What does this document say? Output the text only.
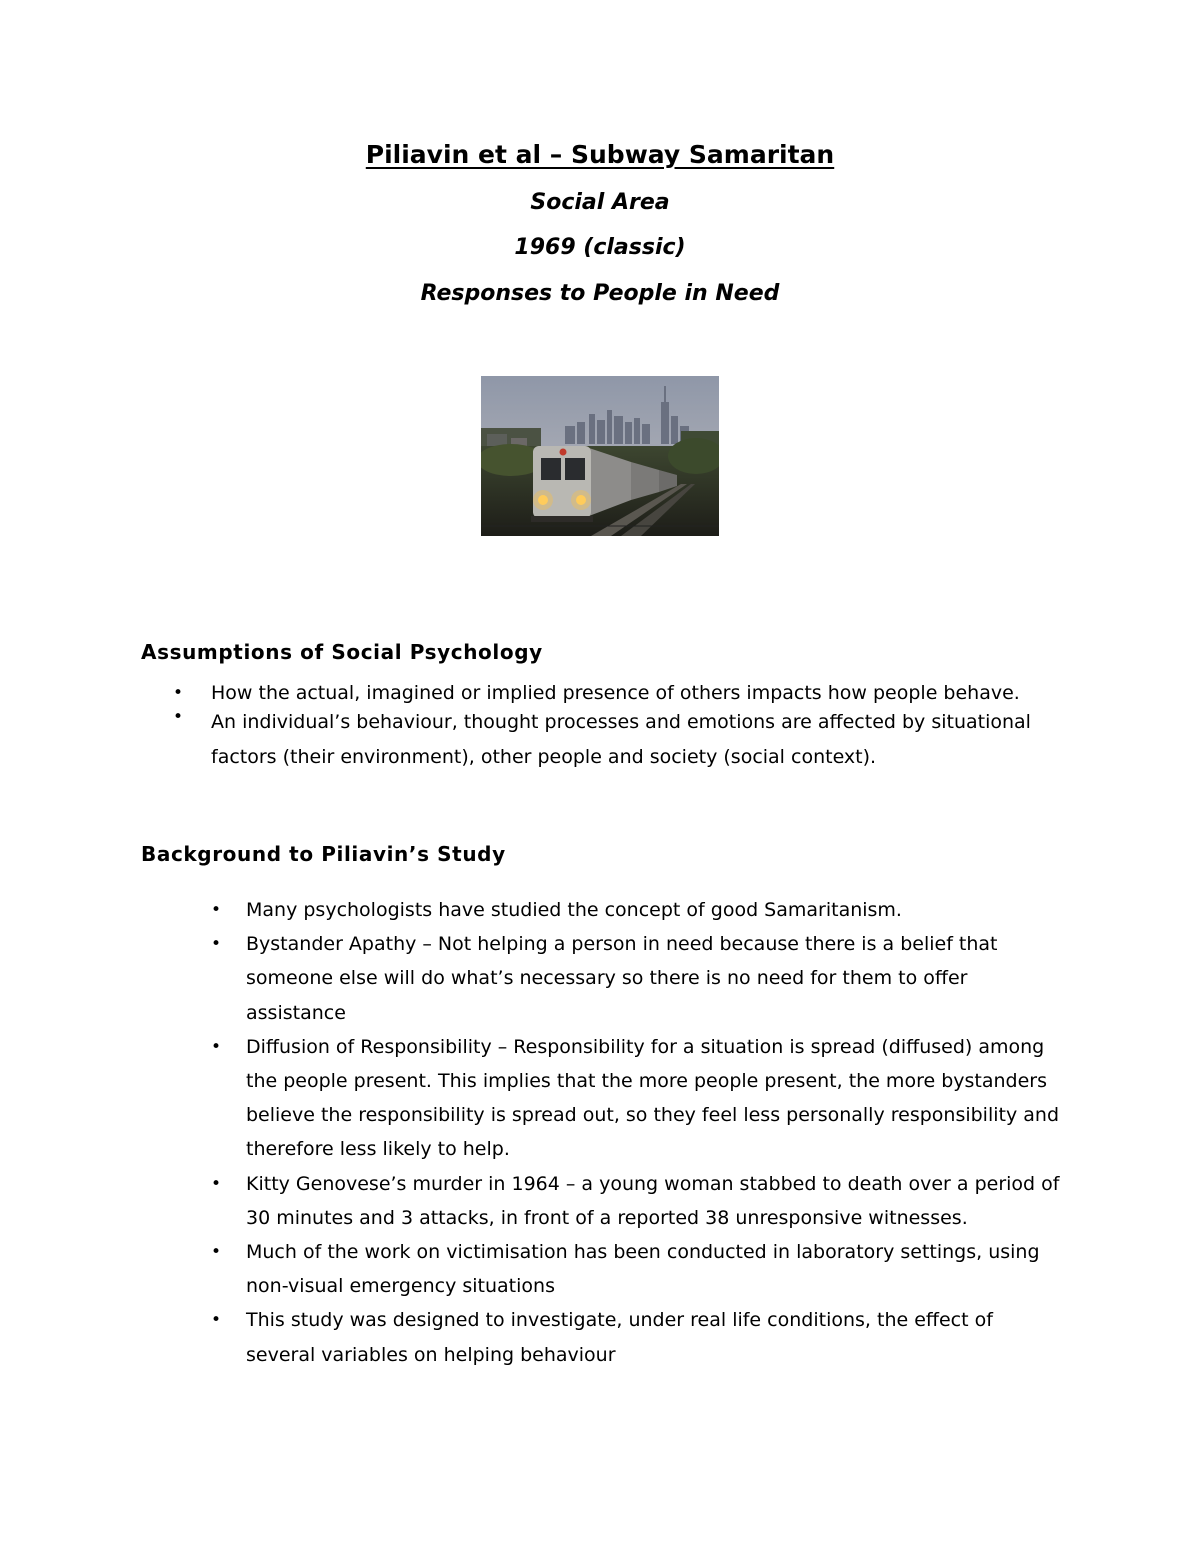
Piliavin et al – Subway Samaritan
Social Area
1969 (classic)
Responses to People in Need
Assumptions of Social Psychology
• How the actual, imagined or implied presence of others impacts how people behave.
• An individual’s behaviour, thought processes and emotions are affected by situational factors (their environment), other people and society (social context).
Background to Piliavin’s Study
• Many psychologists have studied the concept of good Samaritanism.
• Bystander Apathy – Not helping a person in need because there is a belief that someone else will do what’s necessary so there is no need for them to offer assistance
• Diffusion of Responsibility – Responsibility for a situation is spread (diffused) among the people present. This implies that the more people present, the more bystanders believe the responsibility is spread out, so they feel less personally responsibility and therefore less likely to help.
• Kitty Genovese’s murder in 1964 – a young woman stabbed to death over a period of 30 minutes and 3 attacks, in front of a reported 38 unresponsive witnesses.
• Much of the work on victimisation has been conducted in laboratory settings, using non-visual emergency situations
• This study was designed to investigate, under real life conditions, the effect of several variables on helping behaviour
